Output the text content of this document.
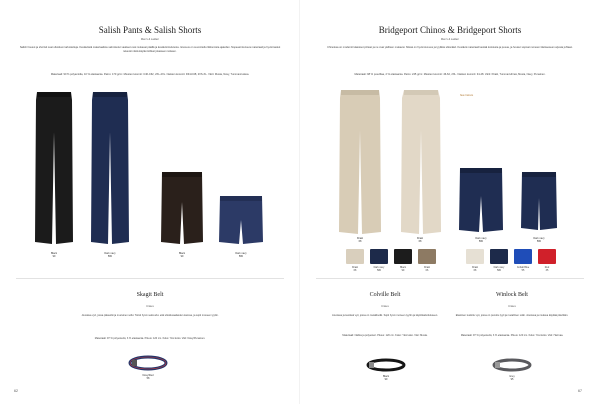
Salish Pants & Salish Shorts
Men's & Ladies'
Salish housut ja shortsit ovat ulkoiluun tarkoitettuja. Kestävästä materiaalista valmistetut vaatteet ovat mukavat päällä ja kestävät kulutusta. Istuvuus on suunniteltu liikkumista ajatellen. Nopeasti kuivuva materiaali ja hyvät taskut tekevät niistä käytännölliset jokaiseen retkeen.
Materiaali: 90 % polyamidia, 10 % elastaania. Paino: 170 g/m². Miesten koonnit: C46-C62, 2XL-4XL. Naisten koonnit: D34-D48, 2XS-XL. Värit: Musta, Navy, Tummanruskea.
Black
99
Dark navy
580
Black
99
Dark navy
580
Skagit Belt
Unisex
Joustava vyö, jossa pikasolki ja muovinen solki. Toimii hyvin sekä arki- että ulkoiluvaatteiden kanssa, ja sopii moneen tyyliin.
Materiaali: 97 % polyesteriä, 3 % elastaania. Pituus: 120 cm. Koko: Yksi koko. Väri: Navy/Punainen.
Navy/Red
58
62
Bridgeport Chinos & Bridgeport Shorts
Men's & Ladies'
Chinoissa on modernit klassiset piirteet ja ne ovat ylellisen mukavat. Niissä on hyvä istuvuus ja tyylikäs ulkonäkö. Kestävä materiaali kestää kulutusta ja pesua, ja housut sopivat moneen tilanteeseen arjesta juhlaan.
Materiaali: 98 % puuvillaa, 2 % elastaania. Paino: 245 g/m². Miesten koonnit: 46-62, 2XL. Naisten koonnit: 34-48. Värit: Khaki, Tummanvihreä, Musta, Navy, Punainen.
New Colours
Khaki
68
Khaki
68
Dark navy
580
Dark navy
580
Khaki
68
Dark navy
580
Black
99
Khaki
06
Khaki
68
Dark navy
580
Cobalt Blue
55
Red
35
Colville Belt
Unisex
Joustava ja kestävä vyö, jossa on metallisolki. Sopii hyvin moneen tyyliin ja käyttötarkoitukseen.
Materiaali: Nahka ja polyesteri. Pituus: 120 cm. Koko: Yksi koko. Väri: Musta.
Black
99
Winlock Belt
Unisex
Elastinen kudottu vyö, jossa on punottu tyyli ja metallinen solki. Joustava ja mukava käyttää päivittäin.
Materiaali: 97 % polyesteriä, 3 % elastaania. Pituus: 120 cm. Koko: Yksi koko. Väri: Harmaa.
Grey
95
67
